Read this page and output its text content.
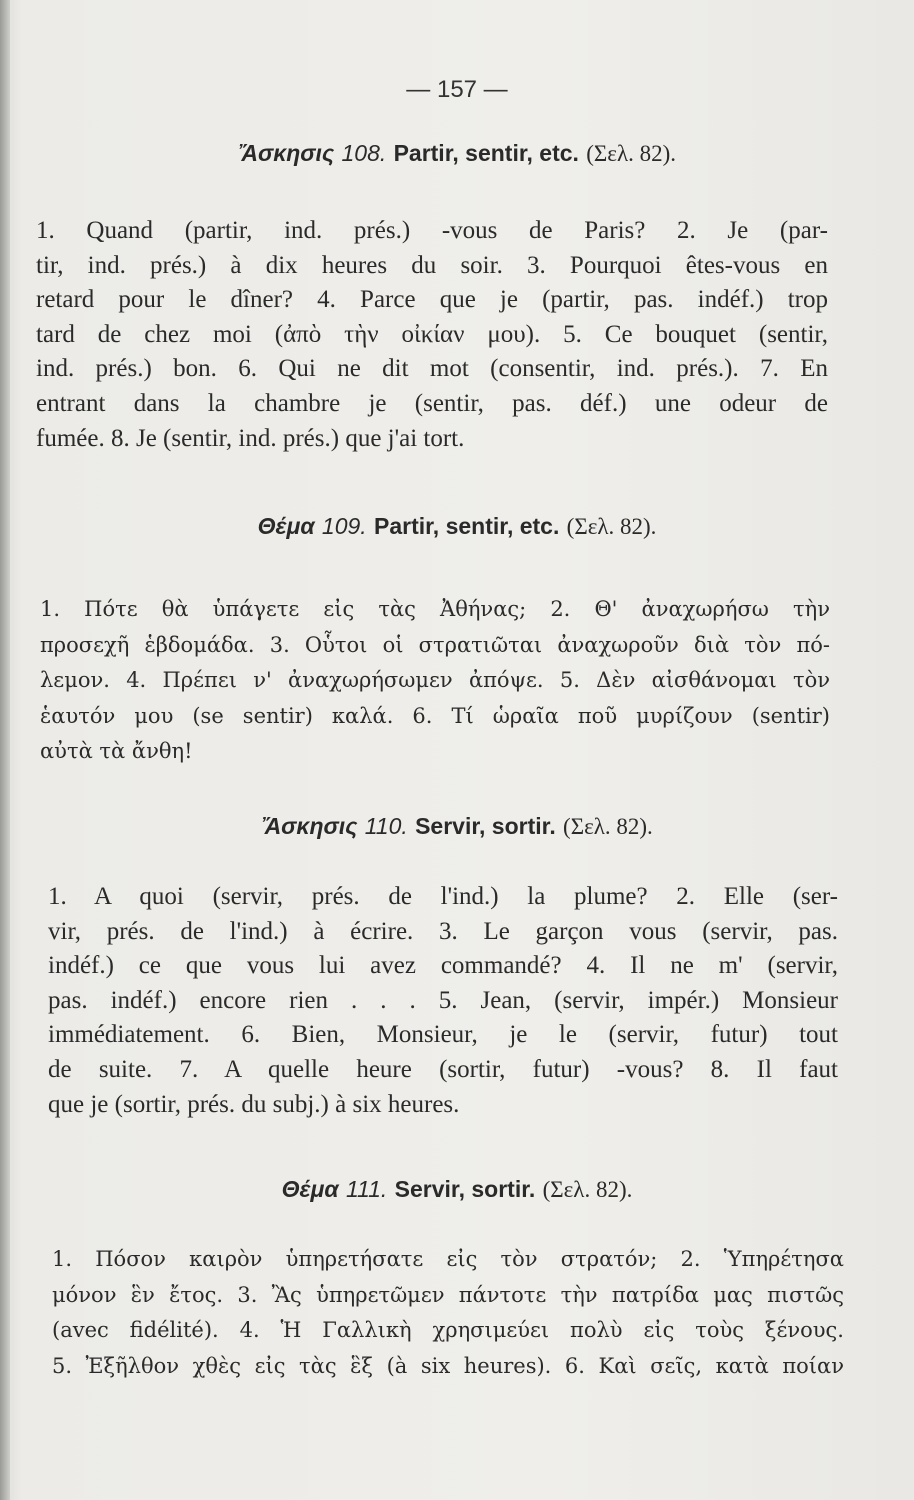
— 157 —
Ἄσκησις 108. Partir, sentir, etc. (Σελ. 82).
1. Quand (partir, ind. prés.) -vous de Paris? 2. Je (par-
tir, ind. prés.) à dix heures du soir. 3. Pourquoi êtes-vous en
retard pour le dîner? 4. Parce que je (partir, pas. indéf.) trop
tard de chez moi (ἀπὸ τὴν οἰκίαν μου). 5. Ce bouquet (sentir,
ind. prés.) bon. 6. Qui ne dit mot (consentir, ind. prés.). 7. En
entrant dans la chambre je (sentir, pas. déf.) une odeur de
fumée. 8. Je (sentir, ind. prés.) que j'ai tort.
Θέμα 109. Partir, sentir, etc. (Σελ. 82).
1. Πότε θὰ ὑπάγετε εἰς τὰς Ἀθήνας; 2. Θ' ἀναχωρήσω τὴν
προσεχῆ ἑβδομάδα. 3. Οὗτοι οἱ στρατιῶται ἀναχωροῦν διὰ τὸν πό-
λεμον. 4. Πρέπει ν' ἀναχωρήσωμεν ἀπόψε. 5. Δὲν αἰσθάνομαι τὸν
ἑαυτόν μου (se sentir) καλά. 6. Τί ὡραῖα ποῦ μυρίζουν (sentir)
αὐτὰ τὰ ἄνθη!
Ἄσκησις 110. Servir, sortir. (Σελ. 82).
1. A quoi (servir, prés. de l'ind.) la plume? 2. Elle (ser-
vir, prés. de l'ind.) à écrire. 3. Le garçon vous (servir, pas.
indéf.) ce que vous lui avez commandé? 4. Il ne m' (servir,
pas. indéf.) encore rien . . . 5. Jean, (servir, impér.) Monsieur
immédiatement. 6. Bien, Monsieur, je le (servir, futur) tout
de suite. 7. A quelle heure (sortir, futur) -vous? 8. Il faut
que je (sortir, prés. du subj.) à six heures.
Θέμα 111. Servir, sortir. (Σελ. 82).
1. Πόσον καιρὸν ὑπηρετήσατε εἰς τὸν στρατόν; 2. Ὑπηρέτησα
μόνον ἓν ἔτος. 3. Ἂς ὑπηρετῶμεν πάντοτε τὴν πατρίδα μας πιστῶς
(avec fidélité). 4. Ἡ Γαλλικὴ χρησιμεύει πολὺ εἰς τοὺς ξένους.
5. Ἐξῆλθον χθὲς εἰς τὰς ἓξ (à six heures). 6. Καὶ σεῖς, κατὰ ποίαν
